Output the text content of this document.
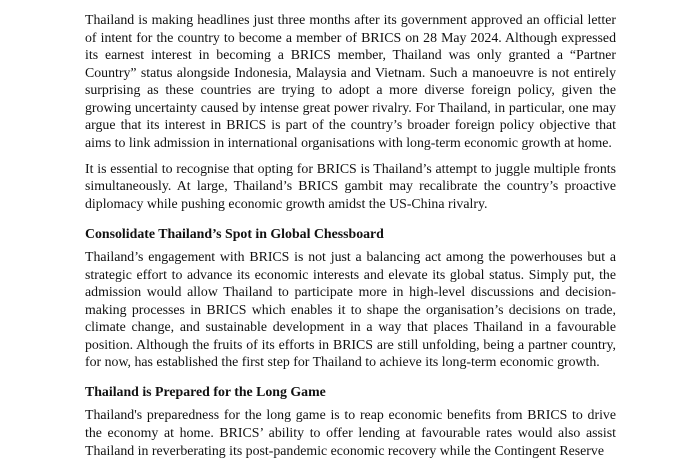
Thailand is making headlines just three months after its government approved an official letter of intent for the country to become a member of BRICS on 28 May 2024. Although expressed its earnest interest in becoming a BRICS member, Thailand was only granted a “Partner Country” status alongside Indonesia, Malaysia and Vietnam. Such a manoeuvre is not entirely surprising as these countries are trying to adopt a more diverse foreign policy, given the growing uncertainty caused by intense great power rivalry. For Thailand, in particular, one may argue that its interest in BRICS is part of the country’s broader foreign policy objective that aims to link admission in international organisations with long-term economic growth at home.

It is essential to recognise that opting for BRICS is Thailand’s attempt to juggle multiple fronts simultaneously. At large, Thailand’s BRICS gambit may recalibrate the country’s proactive diplomacy while pushing economic growth amidst the US-China rivalry.

Consolidate Thailand’s Spot in Global Chessboard

Thailand’s engagement with BRICS is not just a balancing act among the powerhouses but a strategic effort to advance its economic interests and elevate its global status. Simply put, the admission would allow Thailand to participate more in high-level discussions and decision-making processes in BRICS which enables it to shape the organisation’s decisions on trade, climate change, and sustainable development in a way that places Thailand in a favourable position. Although the fruits of its efforts in BRICS are still unfolding, being a partner country, for now, has established the first step for Thailand to achieve its long-term economic growth.

Thailand is Prepared for the Long Game

Thailand's preparedness for the long game is to reap economic benefits from BRICS to drive the economy at home. BRICS’ ability to offer lending at favourable rates would also assist Thailand in reverberating its post-pandemic economic recovery while the Contingent Reserve
